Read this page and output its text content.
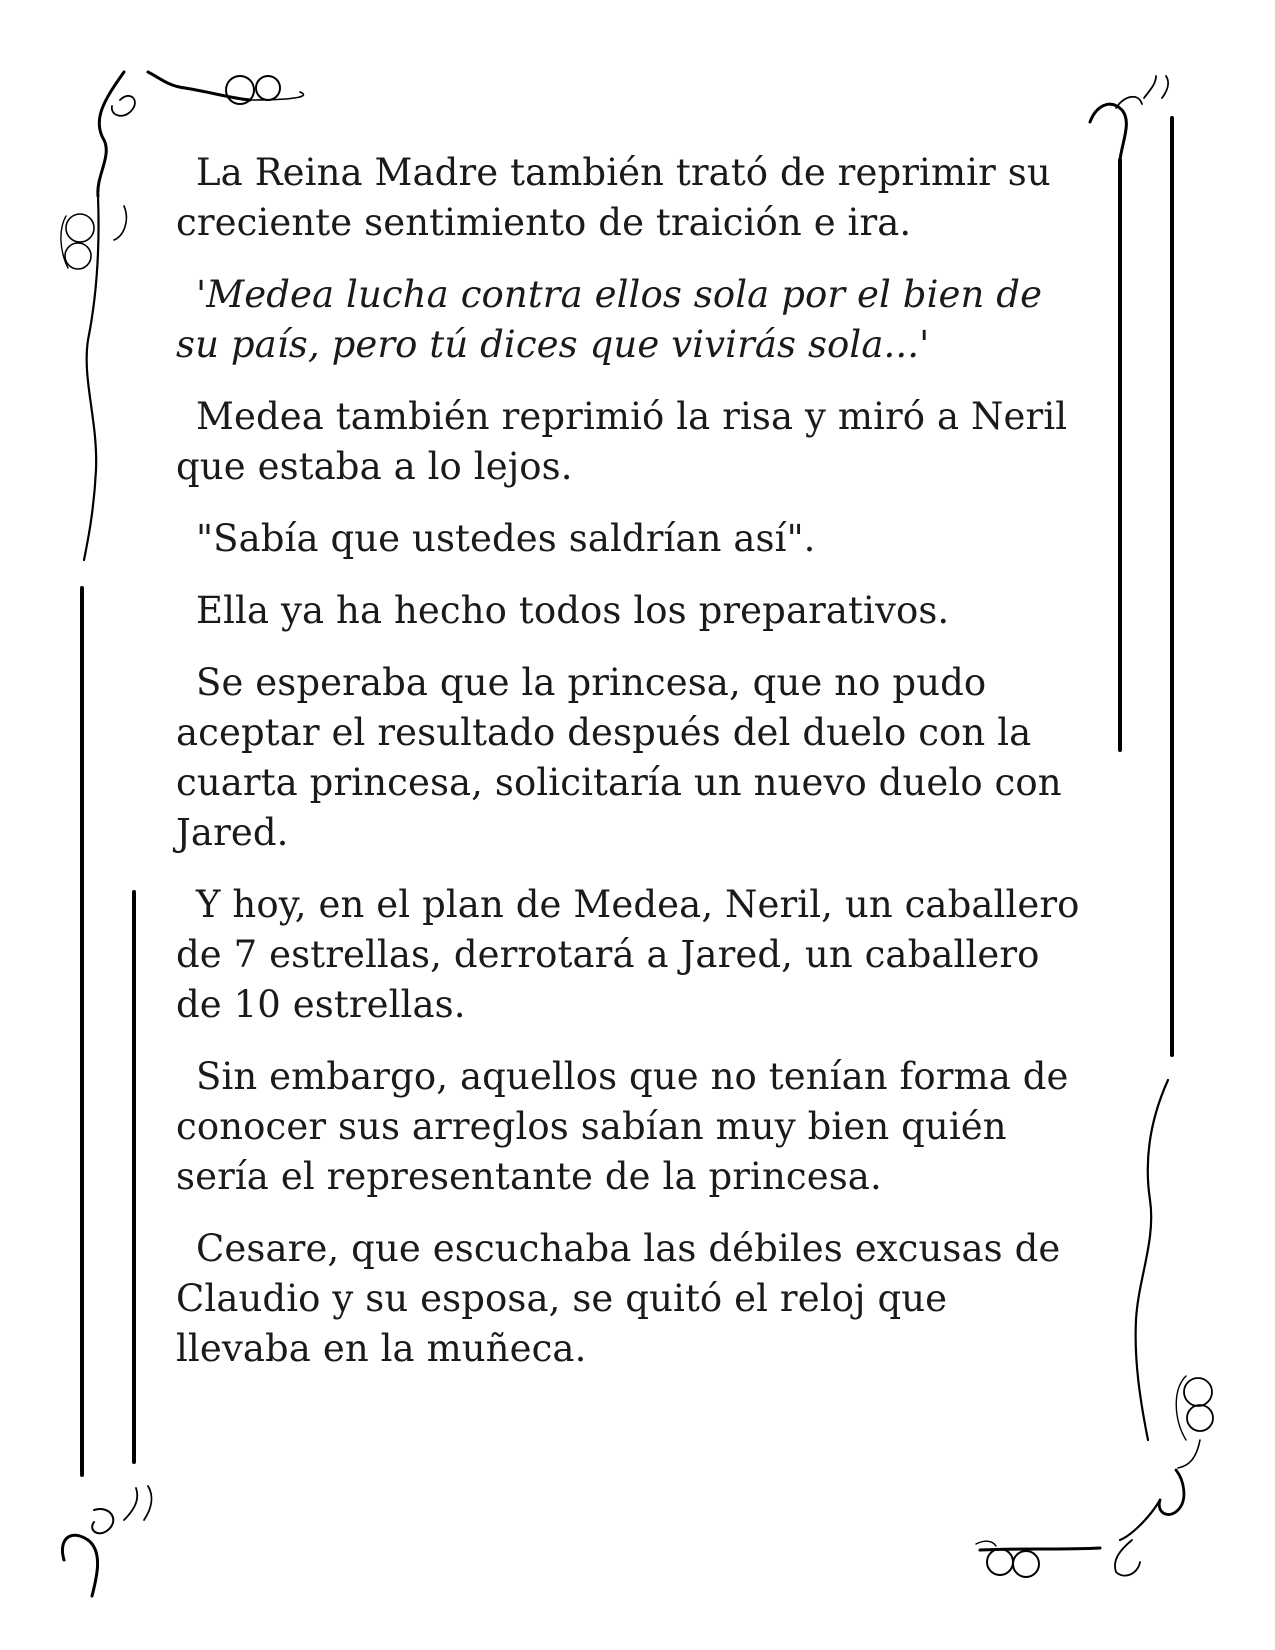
La Reina Madre también trató de reprimir su creciente sentimiento de traición e ira.

'Medea lucha contra ellos sola por el bien de su país, pero tú dices que vivirás sola...'

Medea también reprimió la risa y miró a Neril que estaba a lo lejos.

"Sabía que ustedes saldrían así".

Ella ya ha hecho todos los preparativos.

Se esperaba que la princesa, que no pudo aceptar el resultado después del duelo con la cuarta princesa, solicitaría un nuevo duelo con Jared.

Y hoy, en el plan de Medea, Neril, un caballero de 7 estrellas, derrotará a Jared, un caballero de 10 estrellas.

Sin embargo, aquellos que no tenían forma de conocer sus arreglos sabían muy bien quién sería el representante de la princesa.

Cesare, que escuchaba las débiles excusas de Claudio y su esposa, se quitó el reloj que llevaba en la muñeca.
